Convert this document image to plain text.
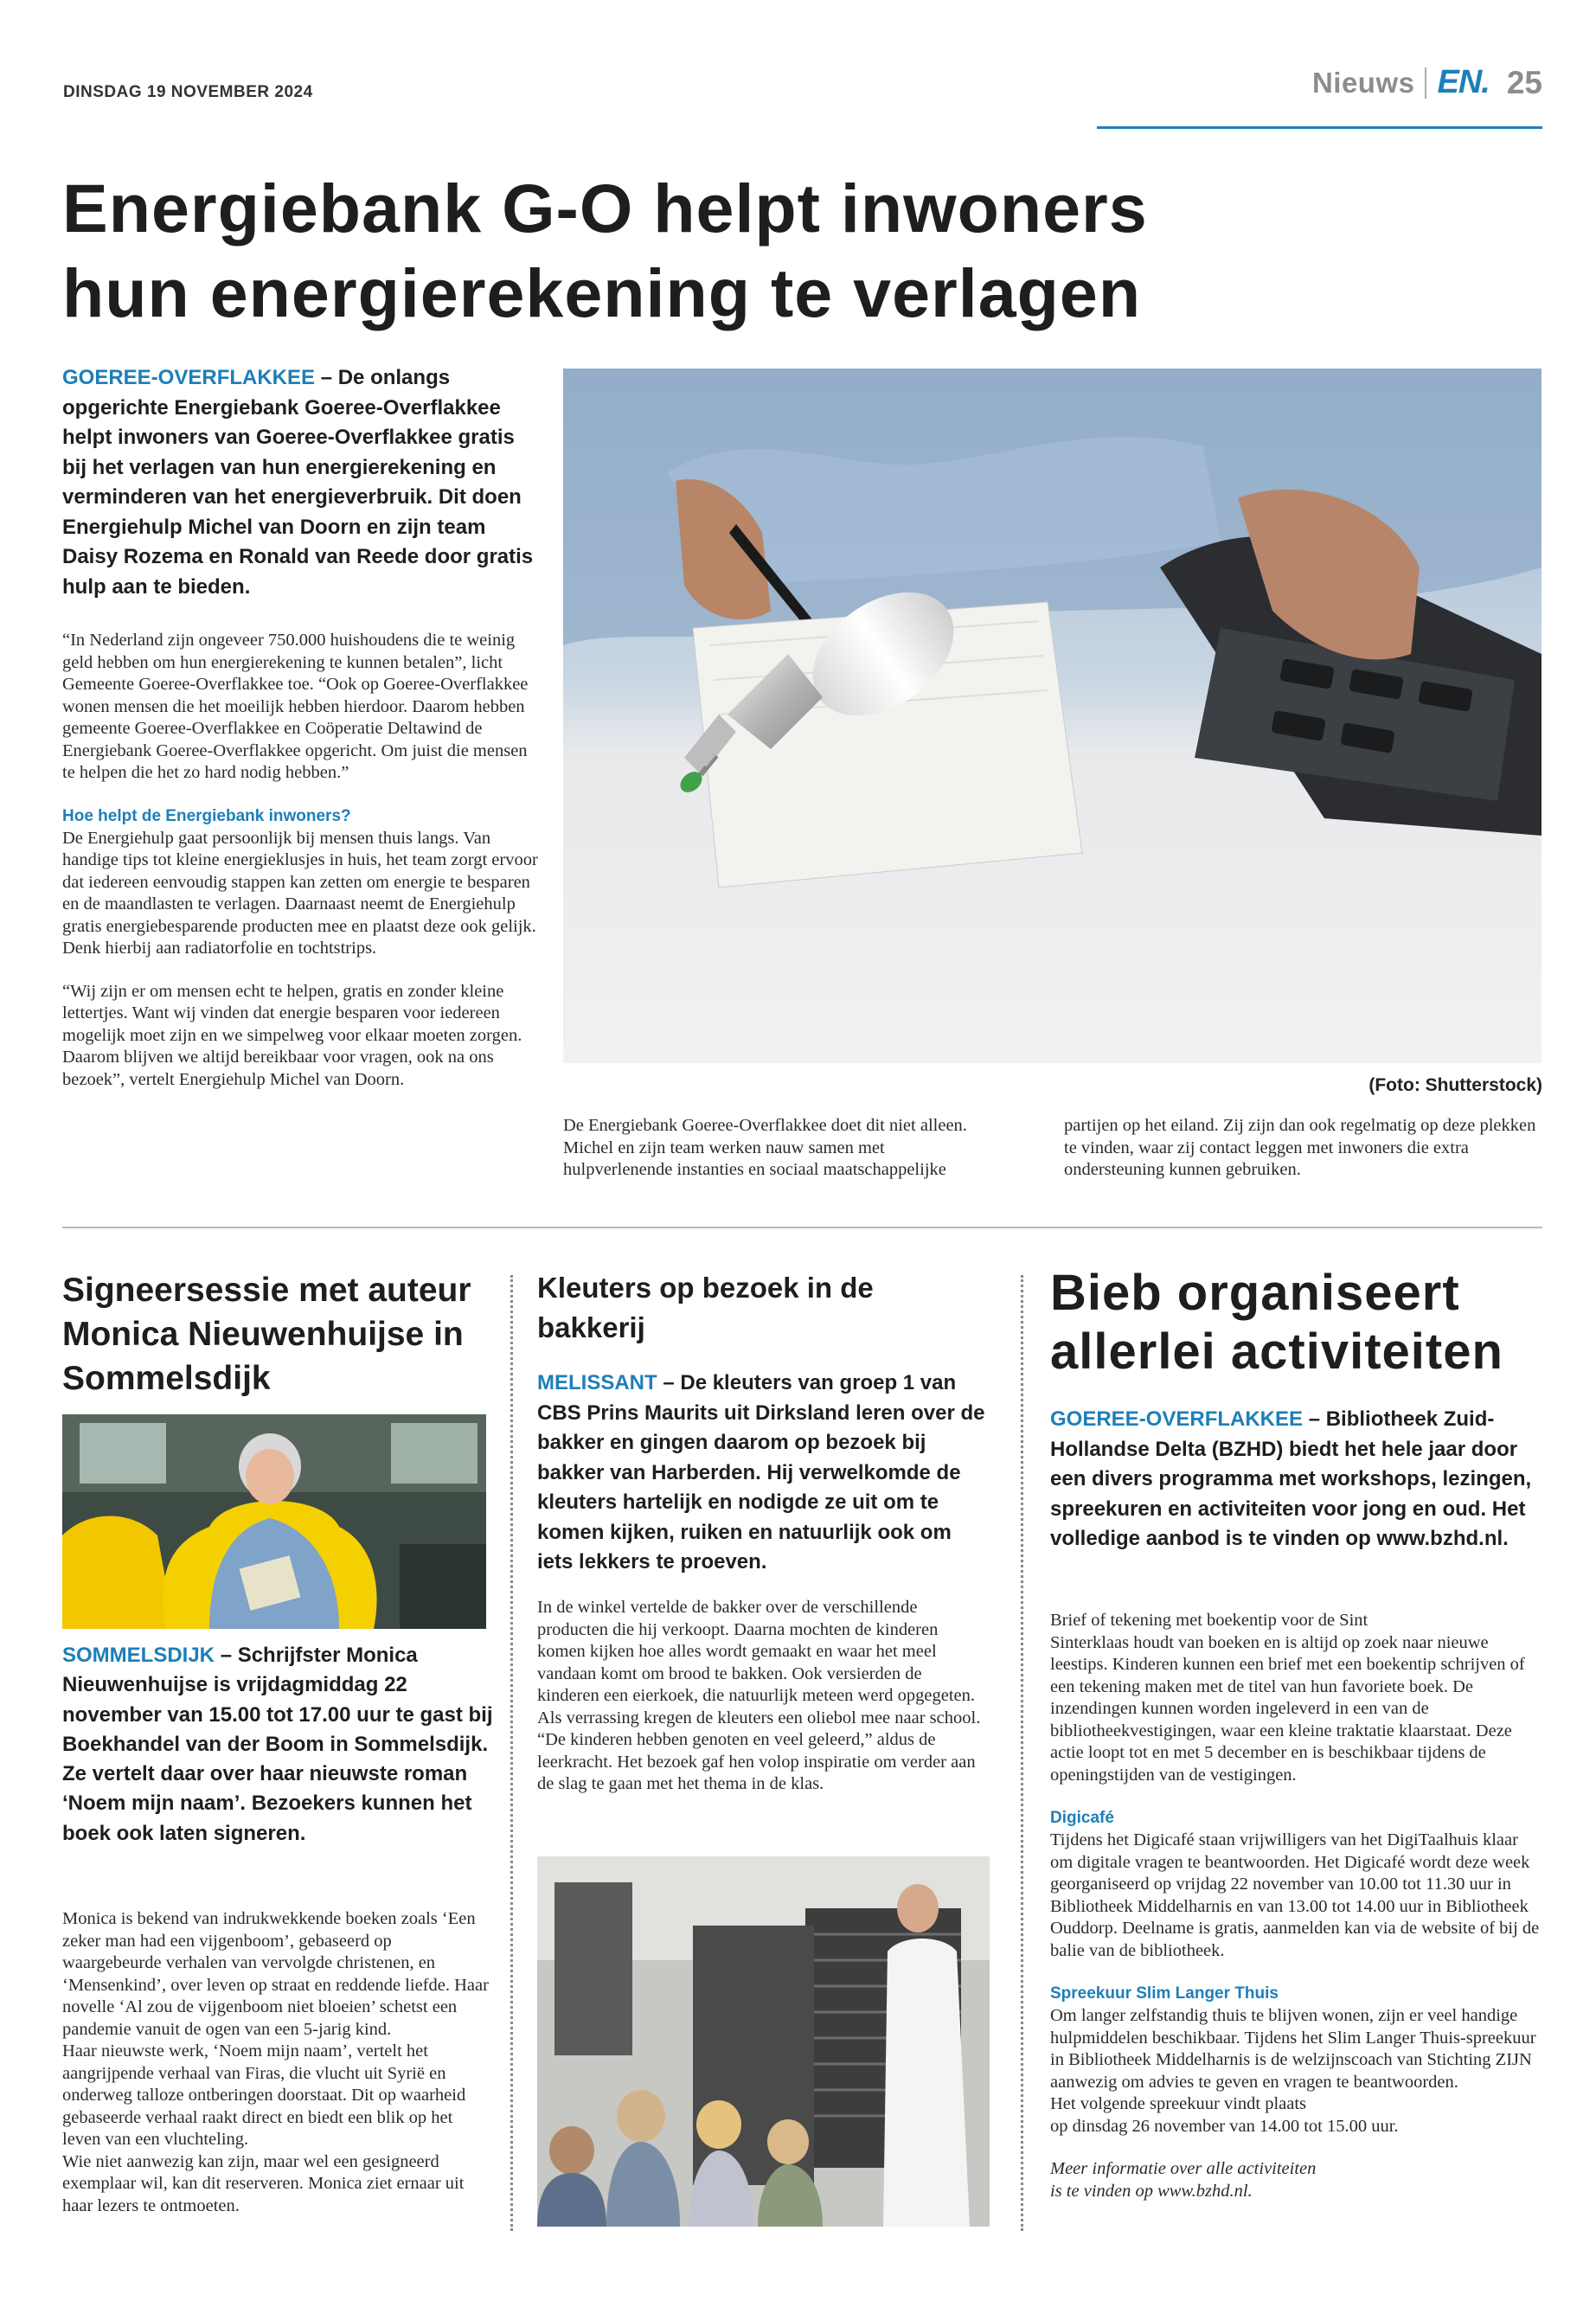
DINSDAG 19 NOVEMBER 2024	Nieuws EN. 25
Energiebank G-O helpt inwoners
hun energierekening te verlagen

GOEREE-OVERFLAKKEE – De onlangs opgerichte Energiebank Goeree-Overflakkee helpt inwoners van Goeree-Overflakkee gratis bij het verlagen van hun energierekening en verminderen van het energieverbruik. Dit doen Energiehulp Michel van Doorn en zijn team Daisy Rozema en Ronald van Reede door gratis hulp aan te bieden.

“In Nederland zijn ongeveer 750.000 huishoudens die te weinig geld hebben om hun energierekening te kunnen betalen”, licht Gemeente Goeree-Overflakkee toe. “Ook op Goeree-Overflakkee wonen mensen die het moeilijk hebben hierdoor. Daarom hebben gemeente Goeree-Overflakkee en Coöperatie Deltawind de Energiebank Goeree-Overflakkee opgericht. Om juist die mensen te helpen die het zo hard nodig hebben.”

Hoe helpt de Energiebank inwoners?
De Energiehulp gaat persoonlijk bij mensen thuis langs. Van handige tips tot kleine energieklusjes in huis, het team zorgt ervoor dat iedereen eenvoudig stappen kan zetten om energie te besparen en de maandlasten te verlagen. Daarnaast neemt de Energiehulp gratis energiebesparende producten mee en plaatst deze ook gelijk. Denk hierbij aan radiatorfolie en tochtstrips.

“Wij zijn er om mensen echt te helpen, gratis en zonder kleine lettertjes. Want wij vinden dat energie besparen voor iedereen mogelijk moet zijn en we simpelweg voor elkaar moeten zorgen. Daarom blijven we altijd bereikbaar voor vragen, ook na ons bezoek”, vertelt Energiehulp Michel van Doorn.	(Foto: Shutterstock)

De Energiebank Goeree-Overflakkee doet dit niet alleen. Michel en zijn team werken nauw samen met hulpverlenende instanties en sociaal maatschappelijke

partijen op het eiland. Zij zijn dan ook regelmatig op deze plekken te vinden, waar zij contact leggen met inwoners die extra ondersteuning kunnen gebruiken.

Signeersessie met auteur Monica Nieuwenhuijse in Sommelsdijk

SOMMELSDIJK – Schrijfster Monica Nieuwenhuijse is vrijdagmiddag 22 november van 15.00 tot 17.00 uur te gast bij Boekhandel van der Boom in Sommelsdijk. Ze vertelt daar over haar nieuwste roman ‘Noem mijn naam’. Bezoekers kunnen het boek ook laten signeren.

Monica is bekend van indrukwekkende boeken zoals ‘Een zeker man had een vijgenboom’, gebaseerd op waargebeurde verhalen van vervolgde christenen, en ‘Mensenkind’, over leven op straat en reddende liefde. Haar novelle ‘Al zou de vijgenboom niet bloeien’ schetst een pandemie vanuit de ogen van een 5-jarig kind.
Haar nieuwste werk, ‘Noem mijn naam’, vertelt het aangrijpende verhaal van Firas, die vlucht uit Syrië en onderweg talloze ontberingen doorstaat. Dit op waarheid gebaseerde verhaal raakt direct en biedt een blik op het leven van een vluchteling.
Wie niet aanwezig kan zijn, maar wel een gesigneerd exemplaar wil, kan dit reserveren. Monica ziet ernaar uit haar lezers te ontmoeten.

Kleuters op bezoek in de bakkerij

MELISSANT – De kleuters van groep 1 van CBS Prins Maurits uit Dirksland leren over de bakker en gingen daarom op bezoek bij bakker van Harberden. Hij verwelkomde de kleuters hartelijk en nodigde ze uit om te komen kijken, ruiken en natuurlijk ook om iets lekkers te proeven.

In de winkel vertelde de bakker over de verschillende producten die hij verkoopt. Daarna mochten de kinderen komen kijken hoe alles wordt gemaakt en waar het meel vandaan komt om brood te bakken. Ook versierden de kinderen een eierkoek, die natuurlijk meteen werd opgegeten. Als verrassing kregen de kleuters een oliebol mee naar school. “De kinderen hebben genoten en veel geleerd,” aldus de leerkracht. Het bezoek gaf hen volop inspiratie om verder aan de slag te gaan met het thema in de klas.

Bieb organiseert allerlei activiteiten

GOEREE-OVERFLAKKEE – Bibliotheek Zuid-Hollandse Delta (BZHD) biedt het hele jaar door een divers programma met workshops, lezingen, spreekuren en activiteiten voor jong en oud. Het volledige aanbod is te vinden op www.bzhd.nl.

Brief of tekening met boekentip voor de Sint
Sinterklaas houdt van boeken en is altijd op zoek naar nieuwe leestips. Kinderen kunnen een brief met een boekentip schrijven of een tekening maken met de titel van hun favoriete boek. De inzendingen kunnen worden ingeleverd in een van de bibliotheekvestigingen, waar een kleine traktatie klaarstaat. Deze actie loopt tot en met 5 december en is beschikbaar tijdens de openingstijden van de vestigingen.

Digicafé

Tijdens het Digicafé staan vrijwilligers van het DigiTaalhuis klaar om digitale vragen te beantwoorden. Het Digicafé wordt deze week georganiseerd op vrijdag 22 november van 10.00 tot 11.30 uur in Bibliotheek Middelharnis en van 13.00 tot 14.00 uur in Bibliotheek Ouddorp. Deelname is gratis, aanmelden kan via de website of bij de balie van de bibliotheek.

Spreekuur Slim Langer Thuis

Om langer zelfstandig thuis te blijven wonen, zijn er veel handige hulpmiddelen beschikbaar. Tijdens het Slim Langer Thuis-spreekuur in Bibliotheek Middelharnis is de welzijnscoach van Stichting ZIJN aanwezig om advies te geven en vragen te beantwoorden.
Het volgende spreekuur vindt plaats
op dinsdag 26 november van 14.00 tot 15.00 uur.

Meer informatie over alle activiteiten
is te vinden op www.bzhd.nl.
